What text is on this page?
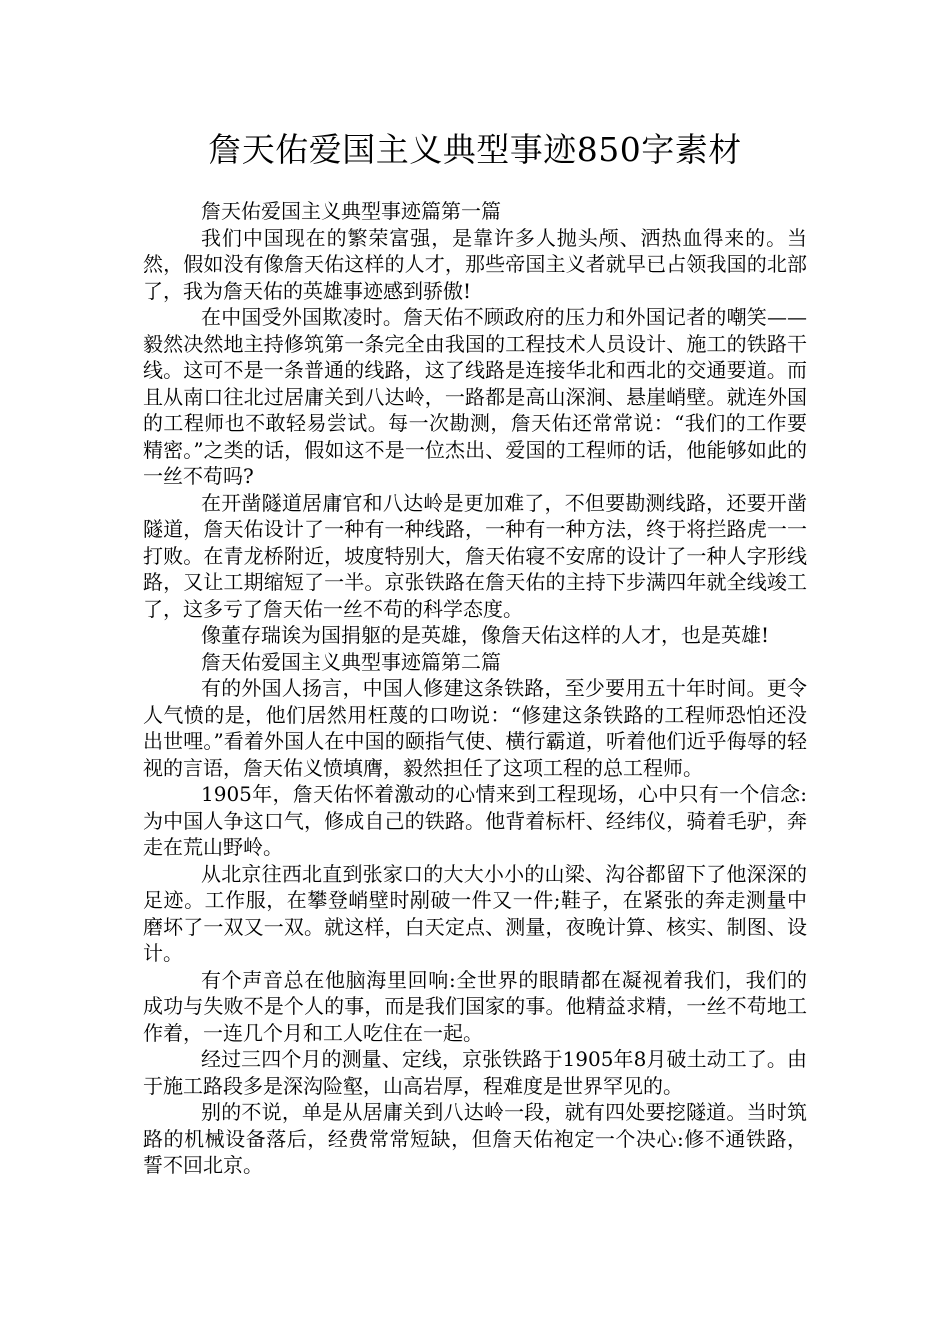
詹天佑爱国主义典型事迹850字素材

詹天佑爱国主义典型事迹篇第一篇

我们中国现在的繁荣富强，是靠许多人抛头颅、洒热血得来的。当然，假如没有像詹天佑这样的人才，那些帝国主义者就早已占领我国的北部了，我为詹天佑的英雄事迹感到骄傲!

在中国受外国欺凌时。詹天佑不顾政府的压力和外国记者的嘲笑——毅然决然地主持修筑第一条完全由我国的工程技术人员设计、施工的铁路干线。这可不是一条普通的线路，这了线路是连接华北和西北的交通要道。而且从南口往北过居庸关到八达岭，一路都是高山深涧、悬崖峭壁。就连外国的工程师也不敢轻易尝试。每一次勘测，詹天佑还常常说：“我们的工作要精密。”之类的话，假如这不是一位杰出、爱国的工程师的话，他能够如此的一丝不苟吗?

在开凿隧道居庸官和八达岭是更加难了，不但要勘测线路，还要开凿隧道，詹天佑设计了一种有一种线路，一种有一种方法，终于将拦路虎一一打败。在青龙桥附近，坡度特别大，詹天佑寝不安席的设计了一种人字形线路，又让工期缩短了一半。京张铁路在詹天佑的主持下步满四年就全线竣工了，这多亏了詹天佑一丝不苟的科学态度。

像董存瑞诶为国捐躯的是英雄，像詹天佑这样的人才，也是英雄!

詹天佑爱国主义典型事迹篇第二篇

有的外国人扬言，中国人修建这条铁路，至少要用五十年时间。更令人气愤的是，他们居然用枉蔑的口吻说：“修建这条铁路的工程师恐怕还没出世哩。”看着外国人在中国的颐指气使、横行霸道，听着他们近乎侮辱的轻视的言语，詹天佑义愤填膺，毅然担任了这项工程的总工程师。

1905年，詹天佑怀着激动的心情来到工程现场，心中只有一个信念:为中国人争这口气，修成自己的铁路。他背着标杆、经纬仪，骑着毛驴，奔走在荒山野岭。

从北京往西北直到张家口的大大小小的山梁、沟谷都留下了他深深的足迹。工作服，在攀登峭壁时剐破一件又一件;鞋子，在紧张的奔走测量中磨坏了一双又一双。就这样，白天定点、测量，夜晚计算、核实、制图、设计。

有个声音总在他脑海里回响:全世界的眼睛都在凝视着我们，我们的成功与失败不是个人的事，而是我们国家的事。他精益求精，一丝不苟地工作着，一连几个月和工人吃住在一起。

经过三四个月的测量、定线，京张铁路于1905年8月破土动工了。由于施工路段多是深沟险壑，山高岩厚，程难度是世界罕见的。

别的不说，单是从居庸关到八达岭一段，就有四处要挖隧道。当时筑路的机械设备落后，经费常常短缺，但詹天佑袍定一个决心:修不通铁路，誓不回北京。
